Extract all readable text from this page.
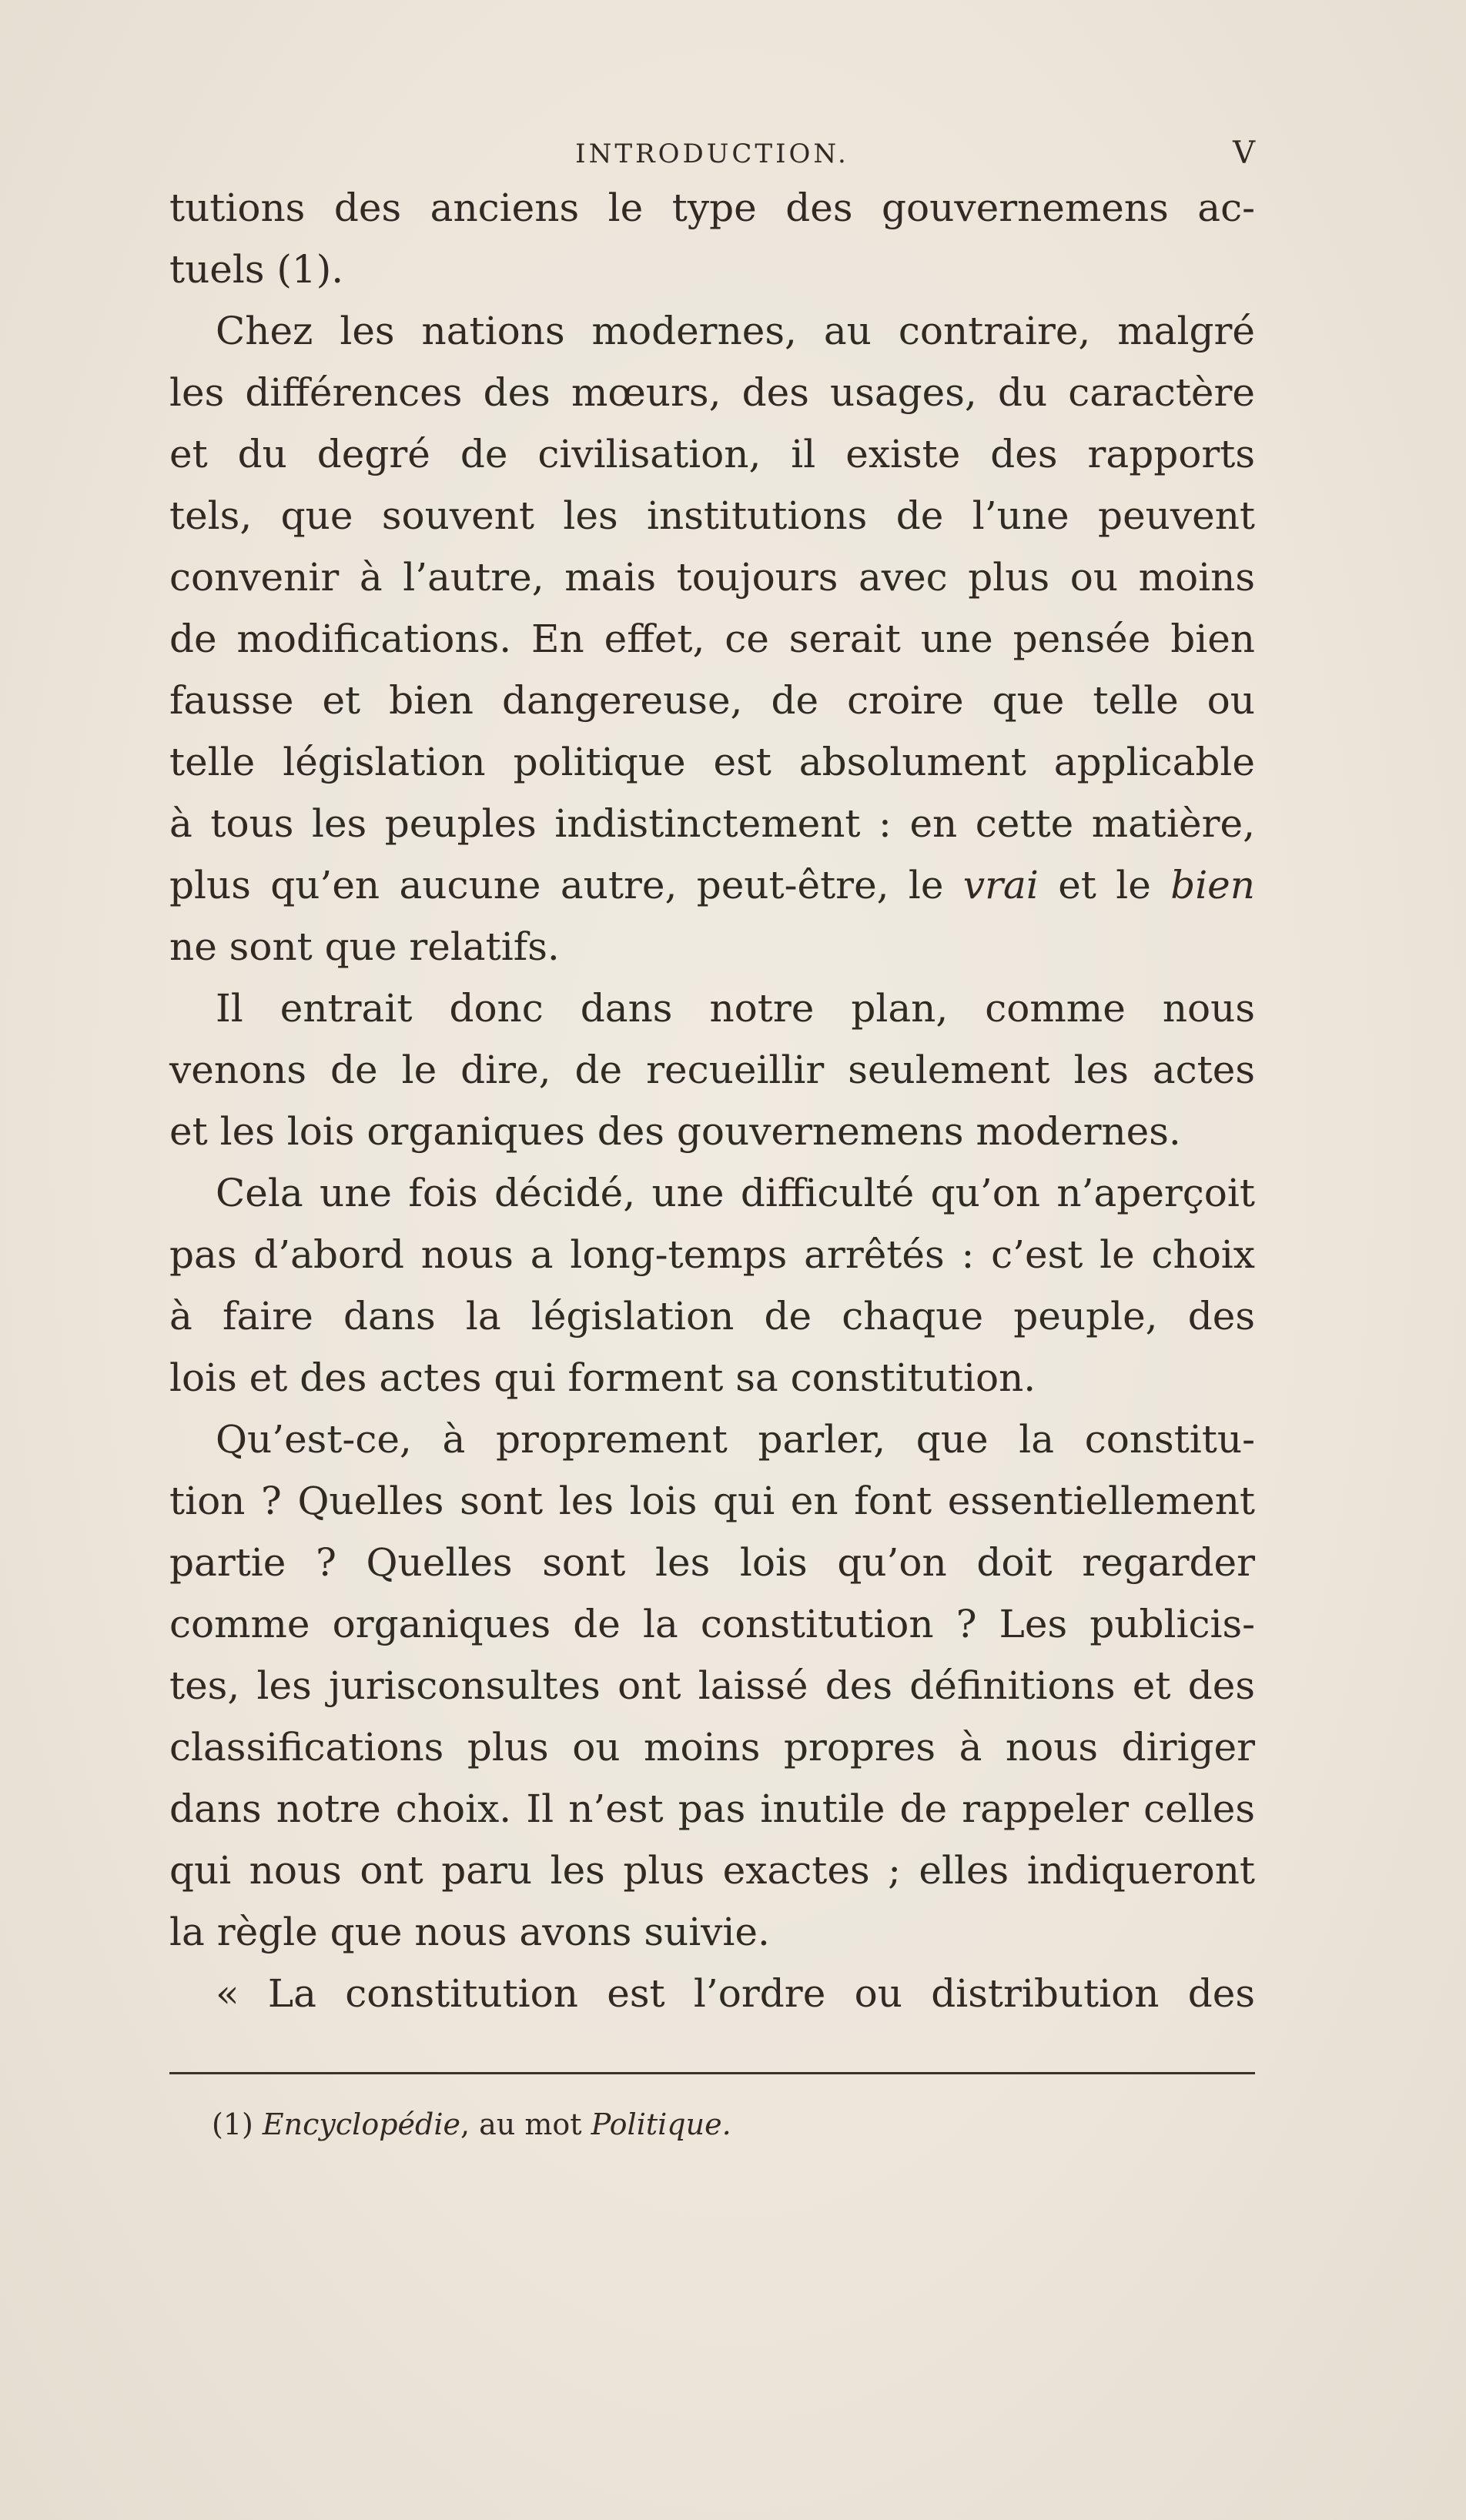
INTRODUCTION.	V
tutions des anciens le type des gouvernemens ac-
tuels (1).
Chez les nations modernes, au contraire, malgré
les différences des mœurs, des usages, du caractère
et du degré de civilisation, il existe des rapports
tels, que souvent les institutions de l’une peuvent
convenir à l’autre, mais toujours avec plus ou moins
de modifications. En effet, ce serait une pensée bien
fausse et bien dangereuse, de croire que telle ou
telle législation politique est absolument applicable
à tous les peuples indistinctement : en cette matière,
plus qu’en aucune autre, peut-être, le vrai et le bien
ne sont que relatifs.
Il entrait donc dans notre plan, comme nous
venons de le dire, de recueillir seulement les actes
et les lois organiques des gouvernemens modernes.
Cela une fois décidé, une difficulté qu’on n’aperçoit
pas d’abord nous a long-temps arrêtés : c’est le choix
à faire dans la législation de chaque peuple, des
lois et des actes qui forment sa constitution.
Qu’est-ce, à proprement parler, que la constitu-
tion ? Quelles sont les lois qui en font essentiellement
partie ? Quelles sont les lois qu’on doit regarder
comme organiques de la constitution ? Les publicis-
tes, les jurisconsultes ont laissé des définitions et des
classifications plus ou moins propres à nous diriger
dans notre choix. Il n’est pas inutile de rappeler celles
qui nous ont paru les plus exactes ; elles indiqueront
la règle que nous avons suivie.
« La constitution est l’ordre ou distribution des
(1) Encyclopédie, au mot Politique.
